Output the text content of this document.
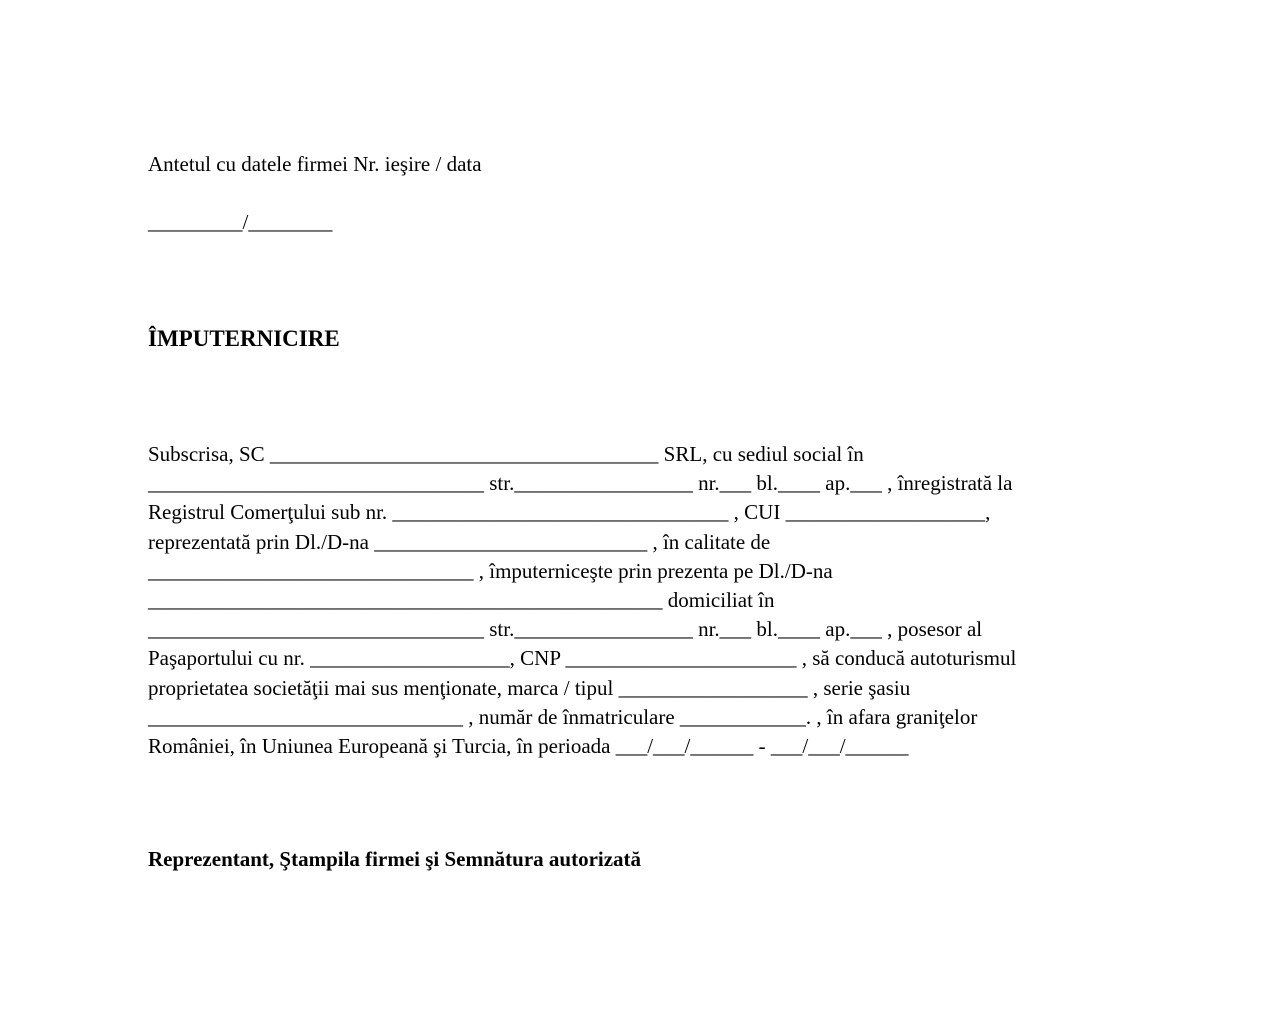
Antetul cu datele firmei Nr. ieşire / data
_________/________
ÎMPUTERNICIRE
Subscrisa, SC _____________________________________ SRL, cu sediul social în
________________________________ str._________________ nr.___ bl.____ ap.___ , înregistrată la
Registrul Comerţului sub nr. ________________________________ , CUI ___________________,
reprezentată prin Dl./D-na __________________________ , în calitate de
_______________________________ , împuterniceşte prin prezenta pe Dl./D-na
_________________________________________________ domiciliat în
________________________________ str._________________ nr.___ bl.____ ap.___ , posesor al
Paşaportului cu nr. ___________________, CNP ______________________ , să conducă autoturismul
proprietatea societăţii mai sus menţionate, marca / tipul __________________ , serie şasiu
______________________________ , număr de înmatriculare ____________. , în afara graniţelor
României, în Uniunea Europeană şi Turcia, în perioada ___/___/______ - ___/___/______
Reprezentant, Ştampila firmei şi Semnătura autorizată
